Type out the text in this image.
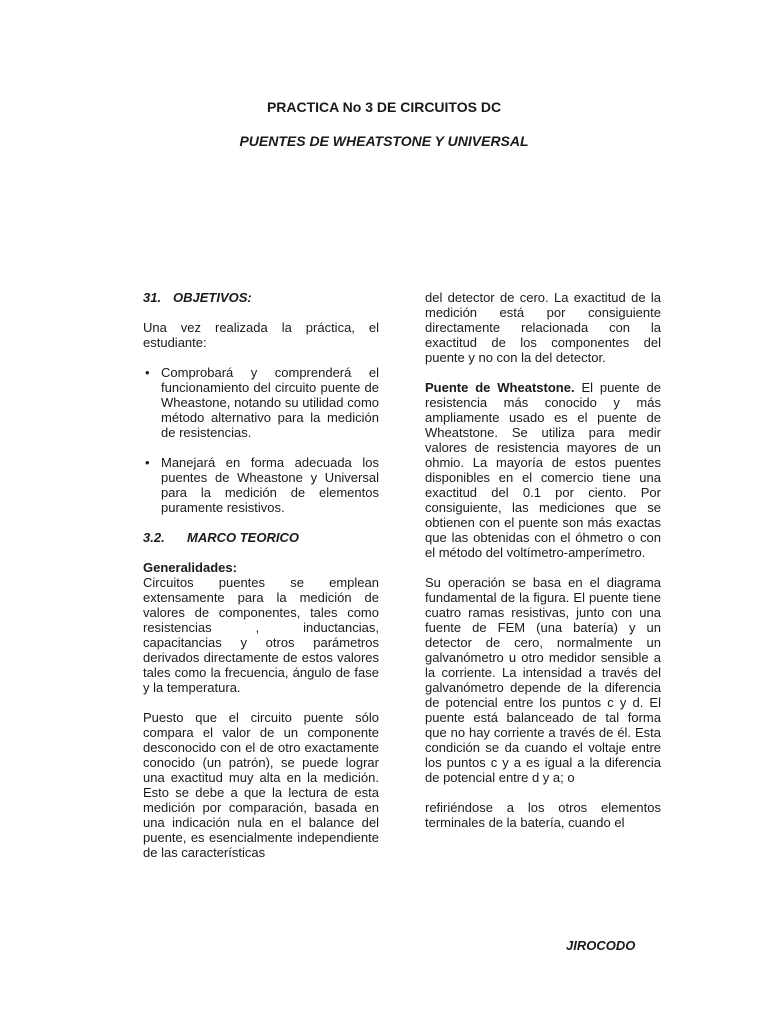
PRACTICA No 3 DE CIRCUITOS DC
PUENTES DE WHEATSTONE Y UNIVERSAL

31. OBJETIVOS:

Una vez realizada la práctica, el estudiante:

• Comprobará y comprenderá el funcionamiento del circuito puente de Wheastone, notando su utilidad como método alternativo para la medición de resistencias.
• Manejará en forma adecuada los puentes de Wheastone y Universal para la medición de elementos puramente resistivos.

3.2. MARCO TEORICO

Generalidades:

Circuitos puentes se emplean extensamente para la medición de valores de componentes, tales como resistencias , inductancias, capacitancias y otros parámetros derivados directamente de estos valores tales como la frecuencia, ángulo de fase y la temperatura.

Puesto que el circuito puente sólo compara el valor de un componente desconocido con el de otro exactamente conocido (un patrón), se puede lograr una exactitud muy alta en la medición. Esto se debe a que la lectura de esta medición por comparación, basada en una indicación nula en el balance del puente, es esencialmente independiente de las características

del detector de cero. La exactitud de la medición está por consiguiente directamente relacionada con la exactitud de los componentes del puente y no con la del detector.

Puente de Wheatstone. El puente de resistencia más conocido y más ampliamente usado es el puente de Wheatstone. Se utiliza para medir valores de resistencia mayores de un ohmio. La mayoría de estos puentes disponibles en el comercio tiene una exactitud del 0.1 por ciento. Por consiguiente, las mediciones que se obtienen con el puente son más exactas que las obtenidas con el óhmetro o con el método del voltímetro-amperímetro.

Su operación se basa en el diagrama fundamental de la figura. El puente tiene cuatro ramas resistivas, junto con una fuente de FEM (una batería) y un detector de cero, normalmente un galvanómetro u otro medidor sensible a la corriente. La intensidad a través del galvanómetro depende de la diferencia de potencial entre los puntos c y d. El puente está balanceado de tal forma que no hay corriente a través de él. Esta condición se da cuando el voltaje entre los puntos c y a es igual a la diferencia de potencial entre d y a; o

refiriéndose a los otros elementos terminales de la batería, cuando el

JIROCODO
